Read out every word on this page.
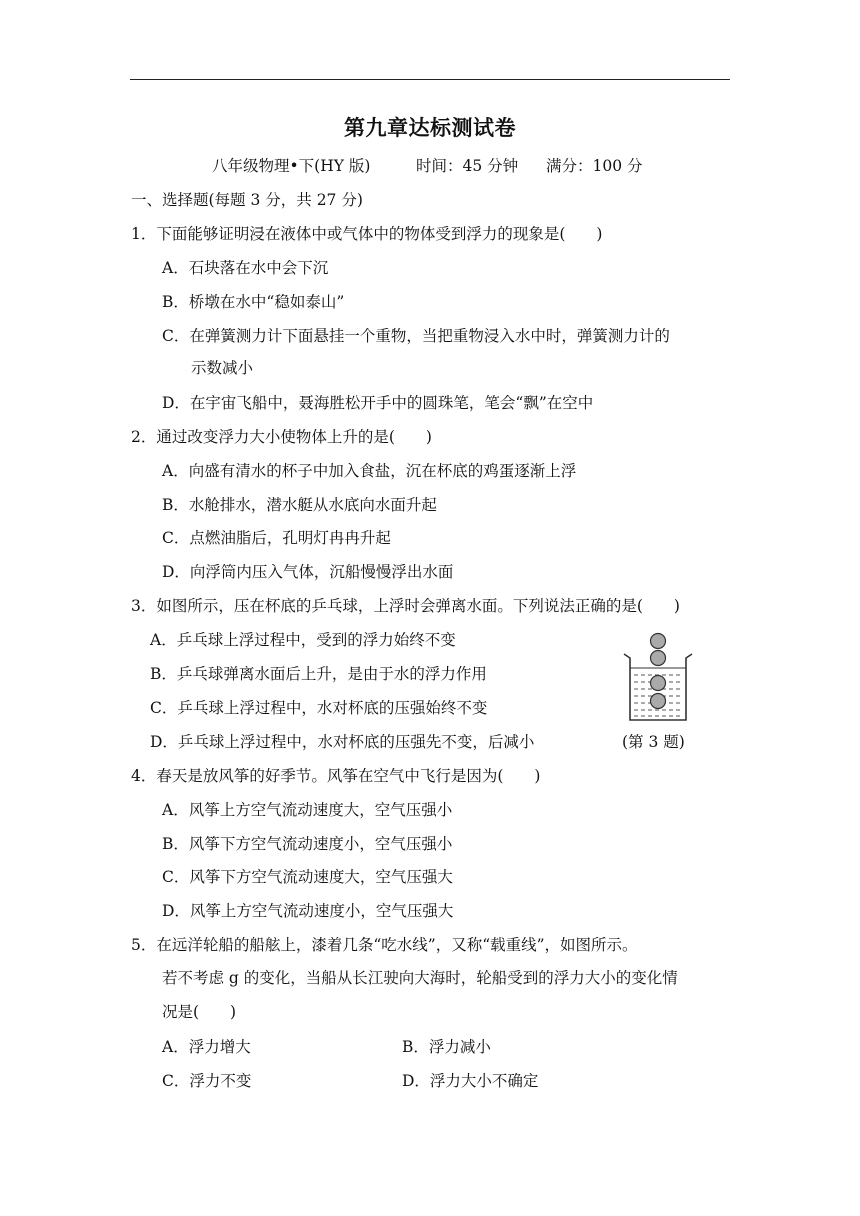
第九章达标测试卷
八年级物理•下(HY 版)	时间：45 分钟 满分：100 分
一、选择题(每题 3 分，共 27 分)
1．下面能够证明浸在液体中或气体中的物体受到浮力的现象是(　　)
A．石块落在水中会下沉
B．桥墩在水中“稳如泰山”
C．在弹簧测力计下面悬挂一个重物，当把重物浸入水中时，弹簧测力计的
示数减小
D．在宇宙飞船中，聂海胜松开手中的圆珠笔，笔会“飘”在空中
2．通过改变浮力大小使物体上升的是(　　)
A．向盛有清水的杯子中加入食盐，沉在杯底的鸡蛋逐渐上浮
B．水舱排水，潜水艇从水底向水面升起
C．点燃油脂后，孔明灯冉冉升起
D．向浮筒内压入气体，沉船慢慢浮出水面
3．如图所示，压在杯底的乒乓球，上浮时会弹离水面。下列说法正确的是(　　)
A．乒乓球上浮过程中，受到的浮力始终不变
B．乒乓球弹离水面后上升，是由于水的浮力作用
C．乒乓球上浮过程中，水对杯底的压强始终不变
D．乒乓球上浮过程中，水对杯底的压强先不变，后减小	(第 3 题)
4．春天是放风筝的好季节。风筝在空气中飞行是因为(　　)
A．风筝上方空气流动速度大，空气压强小
B．风筝下方空气流动速度小，空气压强小
C．风筝下方空气流动速度大，空气压强大
D．风筝上方空气流动速度小，空气压强大
5．在远洋轮船的船舷上，漆着几条“吃水线”，又称“载重线”，如图所示。
若不考虑 g 的变化，当船从长江驶向大海时，轮船受到的浮力大小的变化情
况是(　　)
A．浮力增大	B．浮力减小
C．浮力不变	D．浮力大小不确定
